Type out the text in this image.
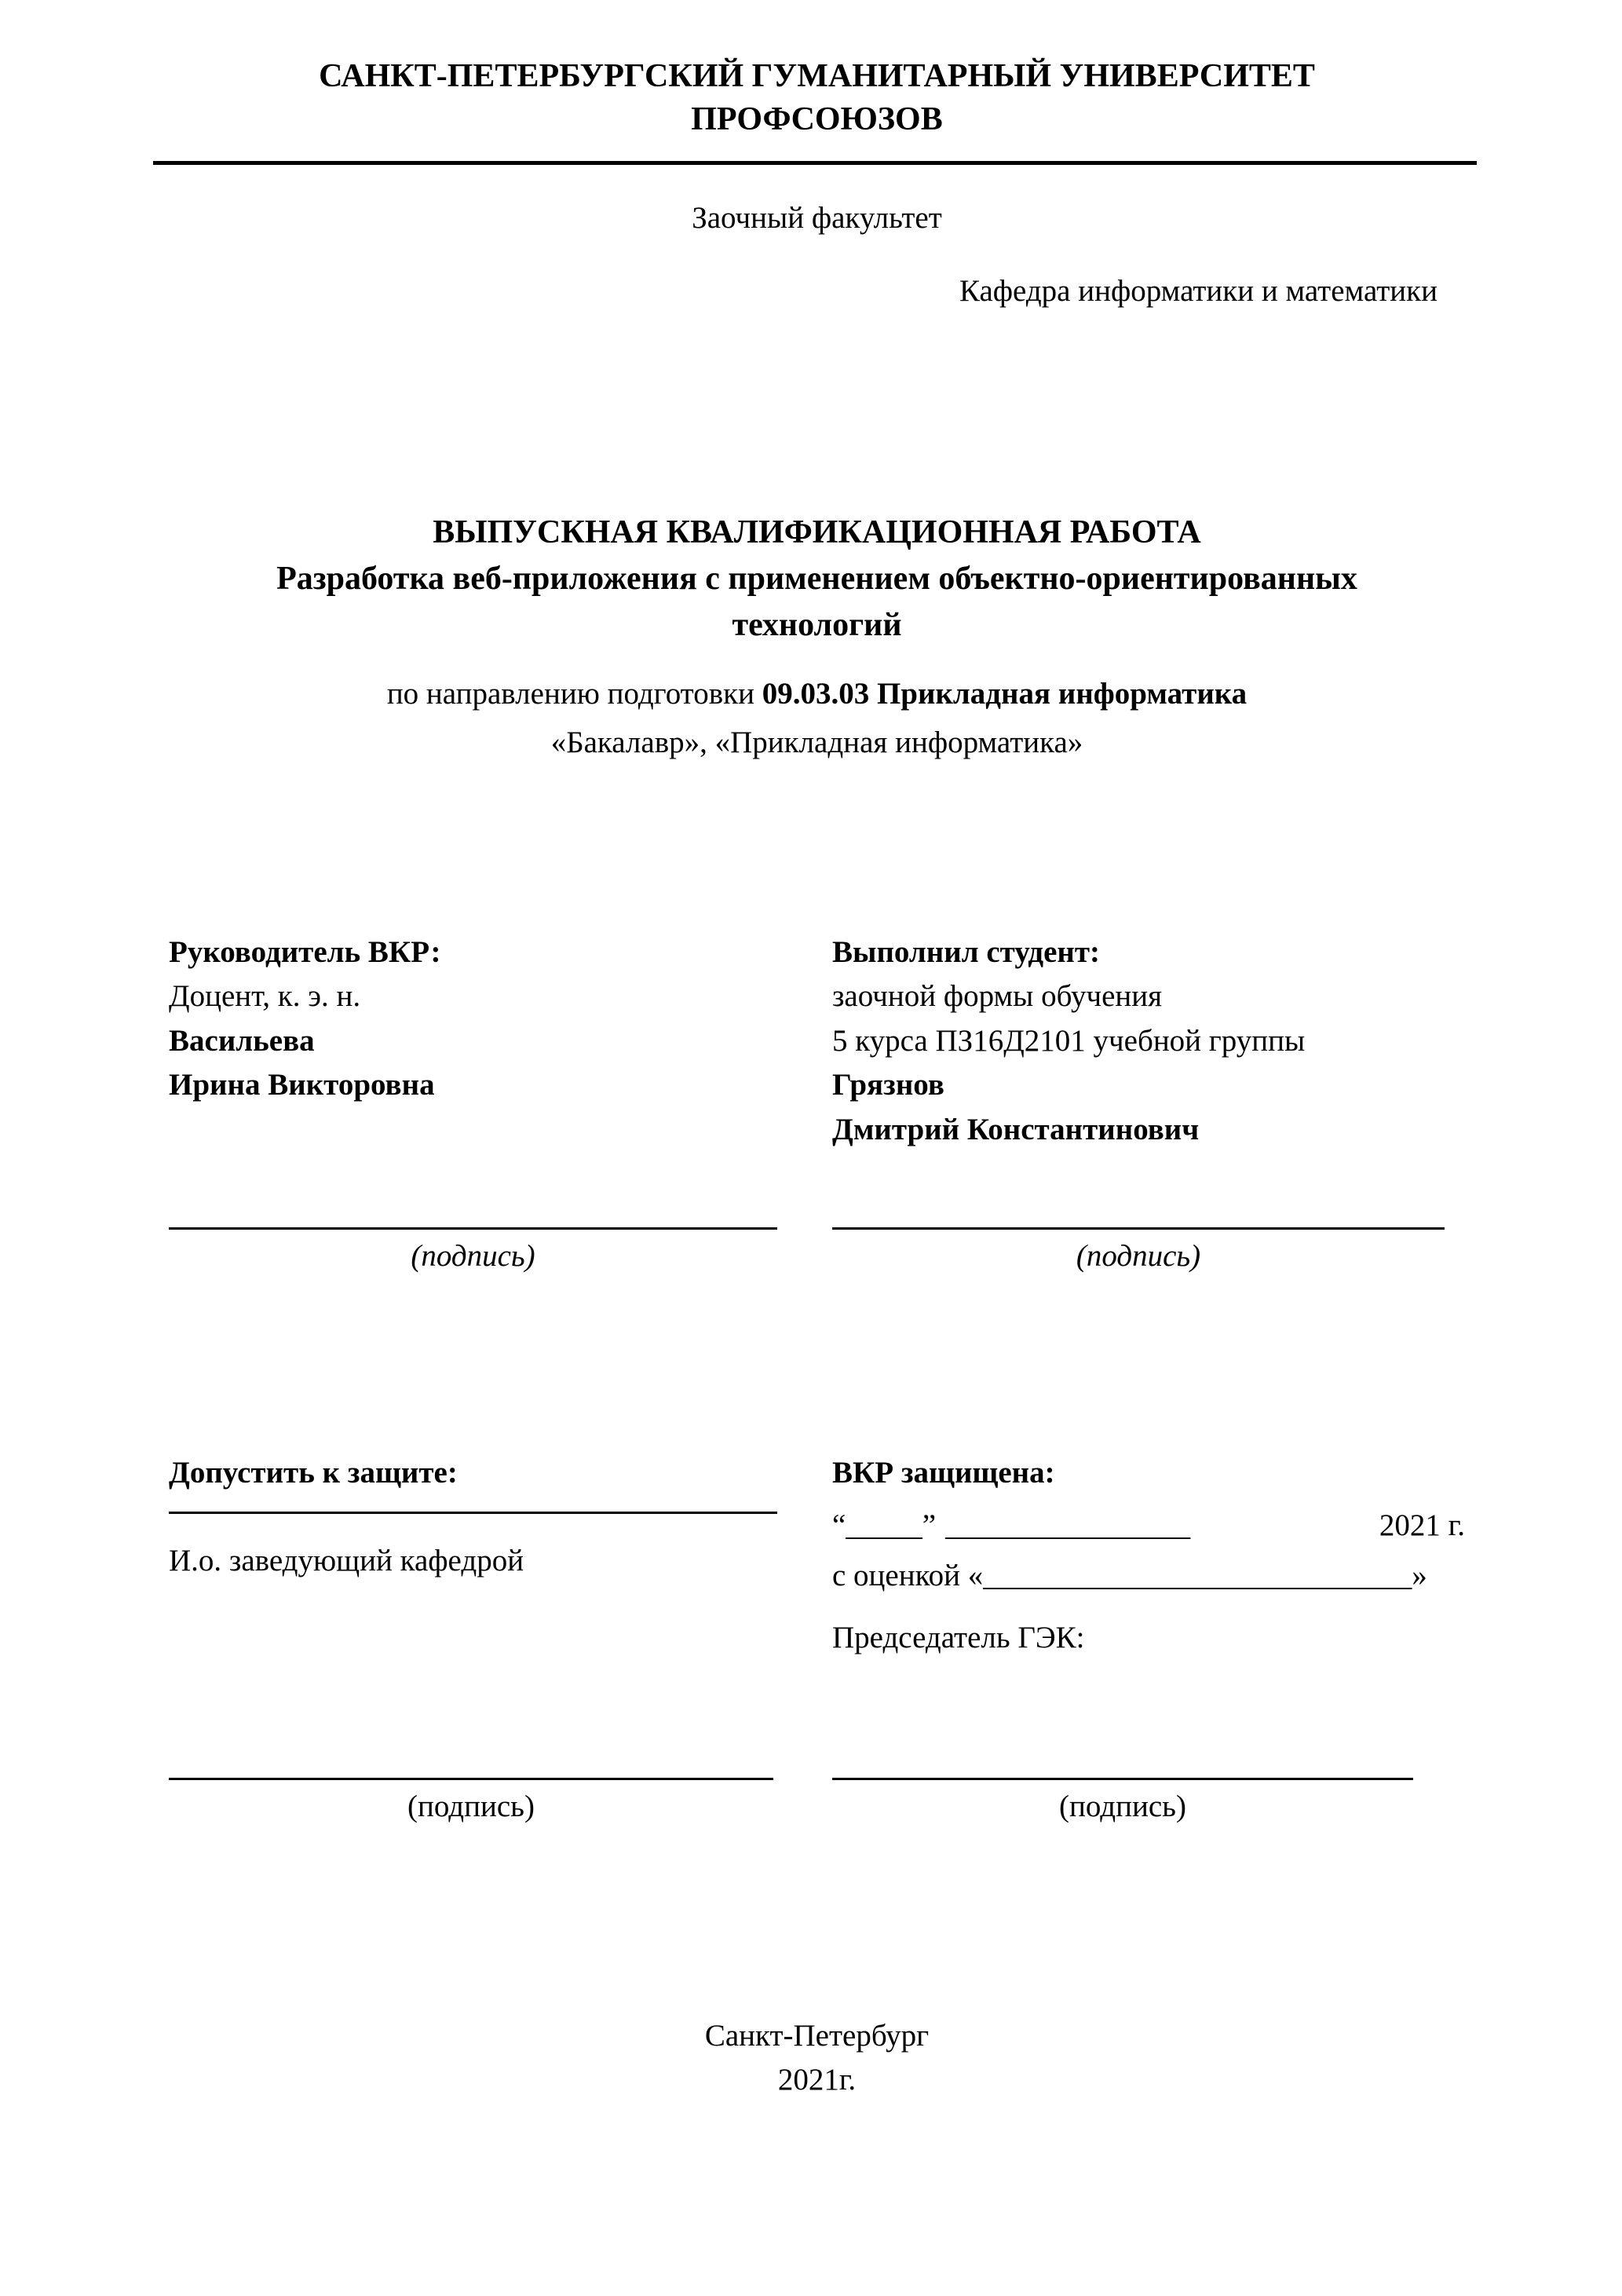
САНКТ-ПЕТЕРБУРГСКИЙ ГУМАНИТАРНЫЙ УНИВЕРСИТЕТ
ПРОФСОЮЗОВ
Заочный факультет
Кафедра информатики и математики
ВЫПУСКНАЯ КВАЛИФИКАЦИОННАЯ РАБОТА
Разработка веб-приложения с применением объектно-ориентированных
технологий
по направлению подготовки 09.03.03 Прикладная информатика
«Бакалавр», «Прикладная информатика»
Руководитель ВКР:
Доцент, к. э. н.
Васильева
Ирина Викторовна
Выполнил студент:
заочной формы обучения
5 курса ПЗ16Д2101 учебной группы
Грязнов
Дмитрий Константинович
(подпись)	(подпись)
Допустить к защите:
И.о. заведующий кафедрой
ВКР защищена:
“_____” ________________	2021 г.
с оценкой «____________________________»
Председатель ГЭК:
(подпись)	(подпись)
Санкт-Петербург
2021г.
